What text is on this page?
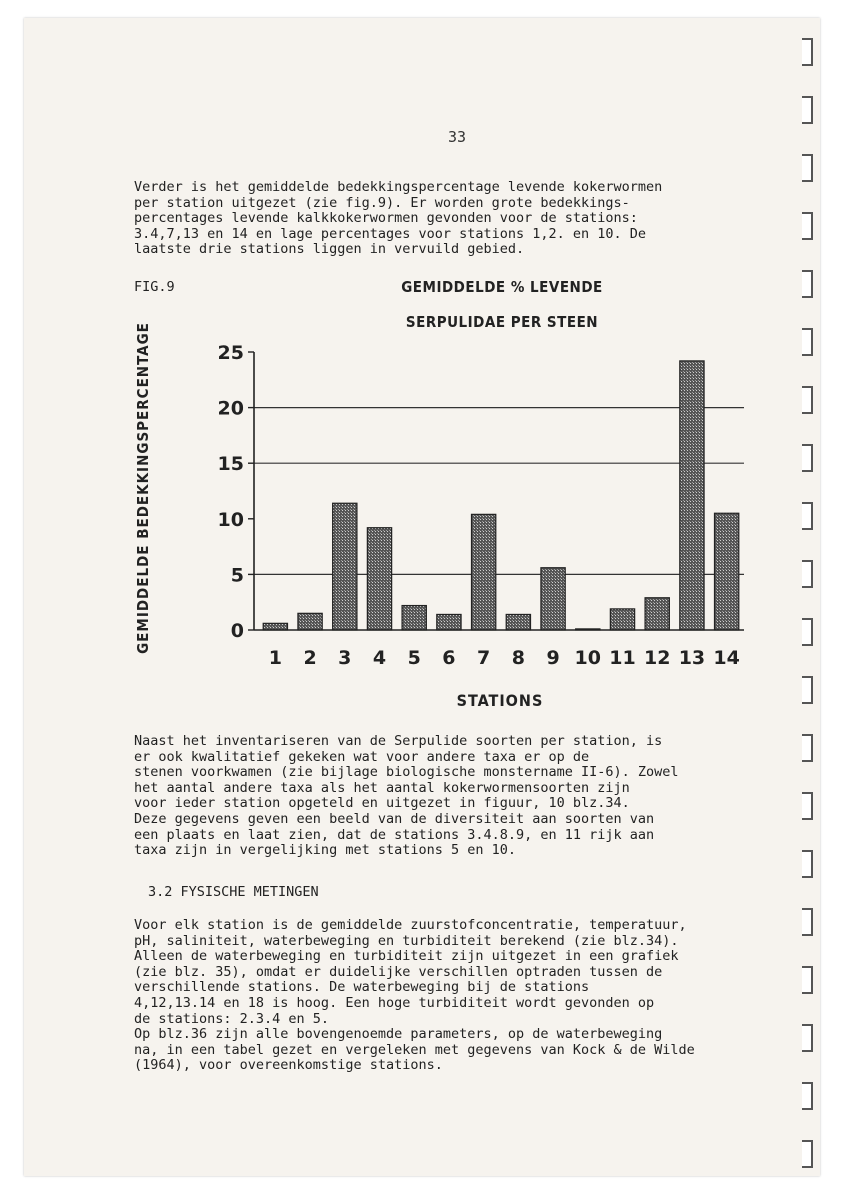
33
Verder is het gemiddelde bedekkingspercentage levende kokerwormen
per station uitgezet (zie fig.9). Er worden grote bedekkings-
percentages levende kalkkokerwormen gevonden voor de stations:
3.4,7,13 en 14 en lage percentages voor stations 1,2. en 10. De
laatste drie stations liggen in vervuild gebied.
FIG.9	GEMIDDELDE % LEVENDE
SERPULIDAE PER STEEN
GEMIDDELDE BEDEKKINGSPERCENTAGE
STATIONS
1 2 3 4 5 6 7 8 9 10 11 12 13 14
0
5
10
15
20
25
3.2 FYSISCHE METINGEN
Naast het inventariseren van de Serpulide soorten per station, is
er ook kwalitatief gekeken wat voor andere taxa er op de
stenen voorkwamen (zie bijlage biologische monstername II-6). Zowel
het aantal andere taxa als het aantal kokerwormensoorten zijn
voor ieder station opgeteld en uitgezet in figuur, 10 blz.34.
Deze gegevens geven een beeld van de diversiteit aan soorten van
een plaats en laat zien, dat de stations 3.4.8.9, en 11 rijk aan
taxa zijn in vergelijking met stations 5 en 10.
Voor elk station is de gemiddelde zuurstofconcentratie, temperatuur,
pH, saliniteit, waterbeweging en turbiditeit berekend (zie blz.34).
Alleen de waterbeweging en turbiditeit zijn uitgezet in een grafiek
(zie blz. 35), omdat er duidelijke verschillen optraden tussen de
verschillende stations. De waterbeweging bij de stations
4,12,13.14 en 18 is hoog. Een hoge turbiditeit wordt gevonden op
de stations: 2.3.4 en 5.
Op blz.36 zijn alle bovengenoemde parameters, op de waterbeweging
na, in een tabel gezet en vergeleken met gegevens van Kock & de Wilde
(1964), voor overeenkomstige stations.
